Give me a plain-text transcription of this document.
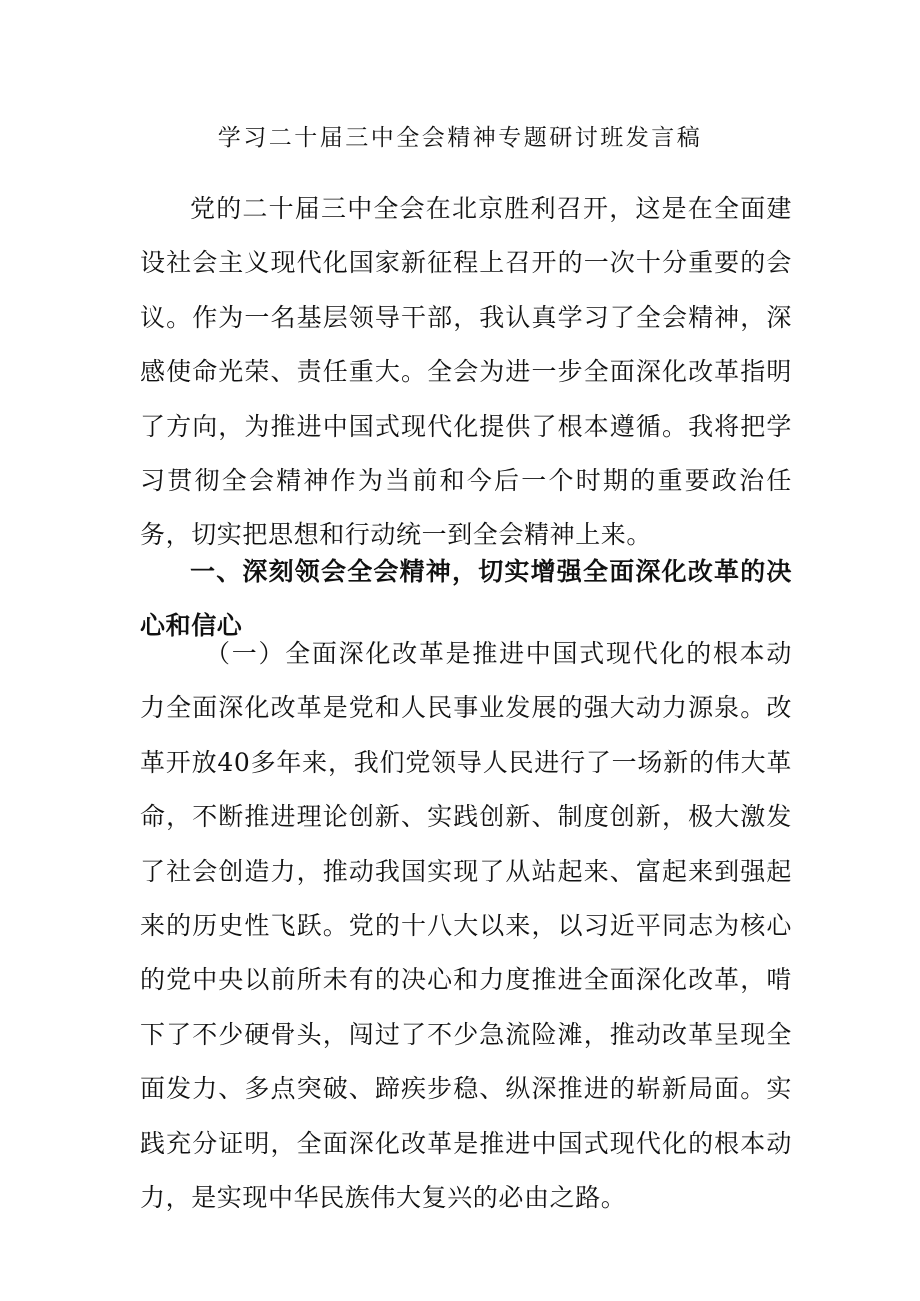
学习二十届三中全会精神专题研讨班发言稿
党的二十届三中全会在北京胜利召开，这是在全面建设社会主义现代化国家新征程上召开的一次十分重要的会议。作为一名基层领导干部，我认真学习了全会精神，深感使命光荣、责任重大。全会为进一步全面深化改革指明了方向，为推进中国式现代化提供了根本遵循。我将把学习贯彻全会精神作为当前和今后一个时期的重要政治任务，切实把思想和行动统一到全会精神上来。
一、深刻领会全会精神，切实增强全面深化改革的决心和信心
（一）全面深化改革是推进中国式现代化的根本动力全面深化改革是党和人民事业发展的强大动力源泉。改革开放40多年来，我们党领导人民进行了一场新的伟大革命，不断推进理论创新、实践创新、制度创新，极大激发了社会创造力，推动我国实现了从站起来、富起来到强起来的历史性飞跃。党的十八大以来，以习近平同志为核心的党中央以前所未有的决心和力度推进全面深化改革，啃下了不少硬骨头，闯过了不少急流险滩，推动改革呈现全面发力、多点突破、蹄疾步稳、纵深推进的崭新局面。实践充分证明，全面深化改革是推进中国式现代化的根本动力，是实现中华民族伟大复兴的必由之路。
